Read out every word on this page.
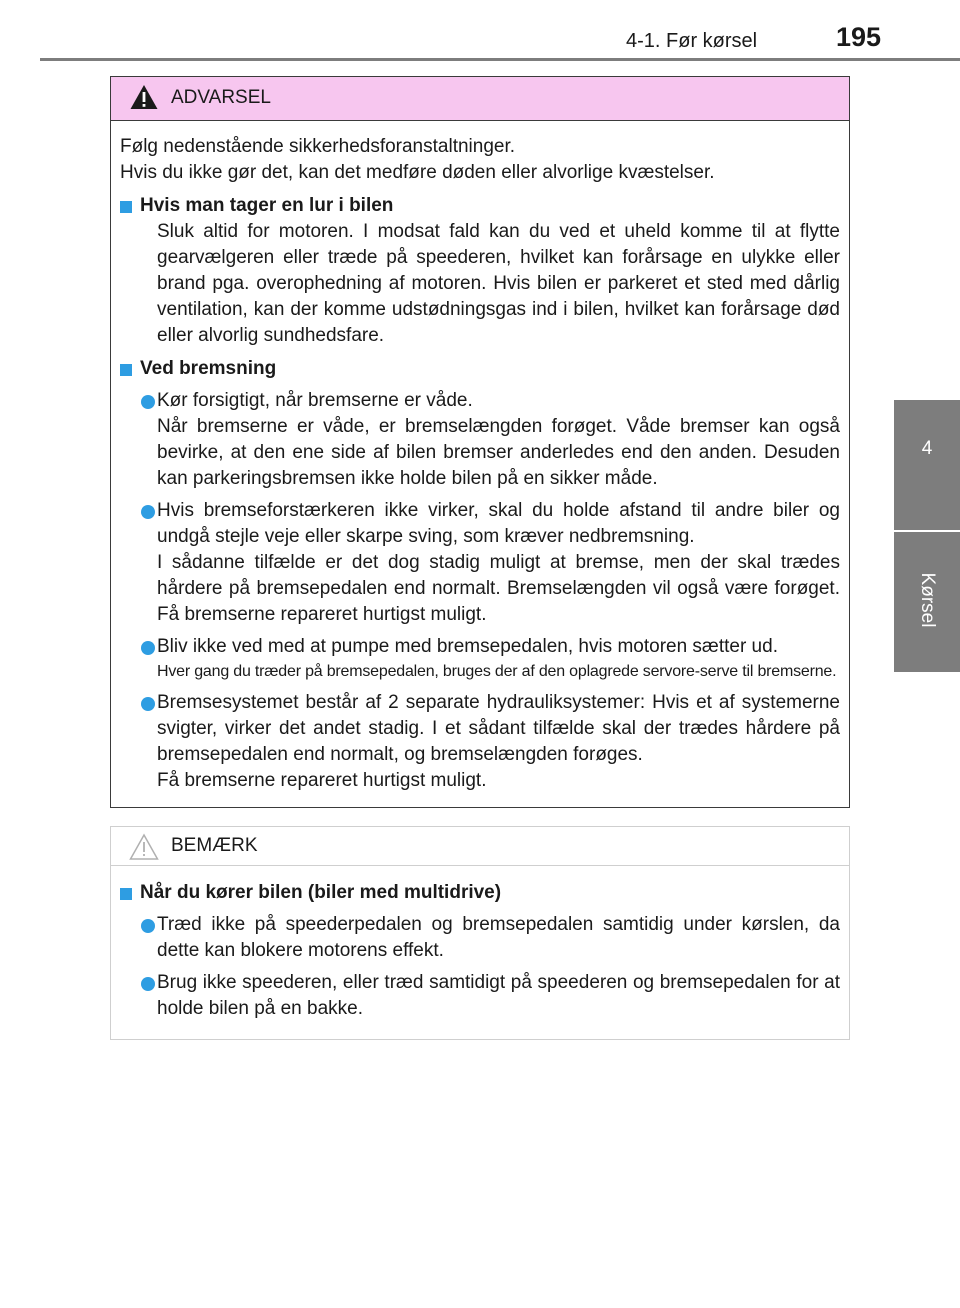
4-1. Før kørsel	195
4
Kørsel
ADVARSEL

Følg nedenstående sikkerhedsforanstaltninger.

Hvis du ikke gør det, kan det medføre døden eller alvorlige kvæstelser.

Hvis man tager en lur i bilen
Sluk altid for motoren. I modsat fald kan du ved et uheld komme til at flytte gearvælgeren eller træde på speederen, hvilket kan forårsage en ulykke eller brand pga. overophedning af motoren. Hvis bilen er parkeret et sted med dårlig ventilation, kan der komme udstødningsgas ind i bilen, hvilket kan forårsage død eller alvorlig sundhedsfare.
Ved bremsning
Kør forsigtigt, når bremserne er våde.
Når bremserne er våde, er bremselængden forøget. Våde bremser kan også bevirke, at den ene side af bilen bremser anderledes end den anden. Desuden kan parkeringsbremsen ikke holde bilen på en sikker måde.
Hvis bremseforstærkeren ikke virker, skal du holde afstand til andre biler og undgå stejle veje eller skarpe sving, som kræver nedbremsning.
I sådanne tilfælde er det dog stadig muligt at bremse, men der skal trædes hårdere på bremsepedalen end normalt. Bremselængden vil også være forøget. Få bremserne repareret hurtigst muligt.
Bliv ikke ved med at pumpe med bremsepedalen, hvis motoren sætter ud.
Hver gang du træder på bremsepedalen, bruges der af den oplagrede servore-serve til bremserne.
Bremsesystemet består af 2 separate hydrauliksystemer: Hvis et af systemerne svigter, virker det andet stadig. I et sådant tilfælde skal der trædes hårdere på bremsepedalen end normalt, og bremselængden forøges.
Få bremserne repareret hurtigst muligt.
BEMÆRK
Når du kører bilen (biler med multidrive)
Træd ikke på speederpedalen og bremsepedalen samtidig under kørslen, da dette kan blokere motorens effekt.
Brug ikke speederen, eller træd samtidigt på speederen og bremsepedalen for at holde bilen på en bakke.
